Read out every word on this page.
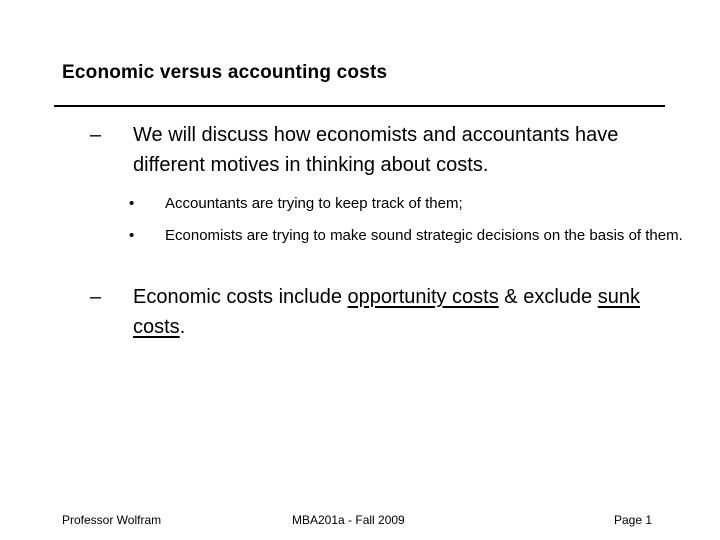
Economic versus accounting costs
– We will discuss how economists and accountants have different motives in thinking about costs.
• Accountants are trying to keep track of them;
• Economists are trying to make sound strategic decisions on the basis of them.
– Economic costs include opportunity costs & exclude sunk costs.
Professor Wolfram	MBA201a - Fall 2009	Page 1
